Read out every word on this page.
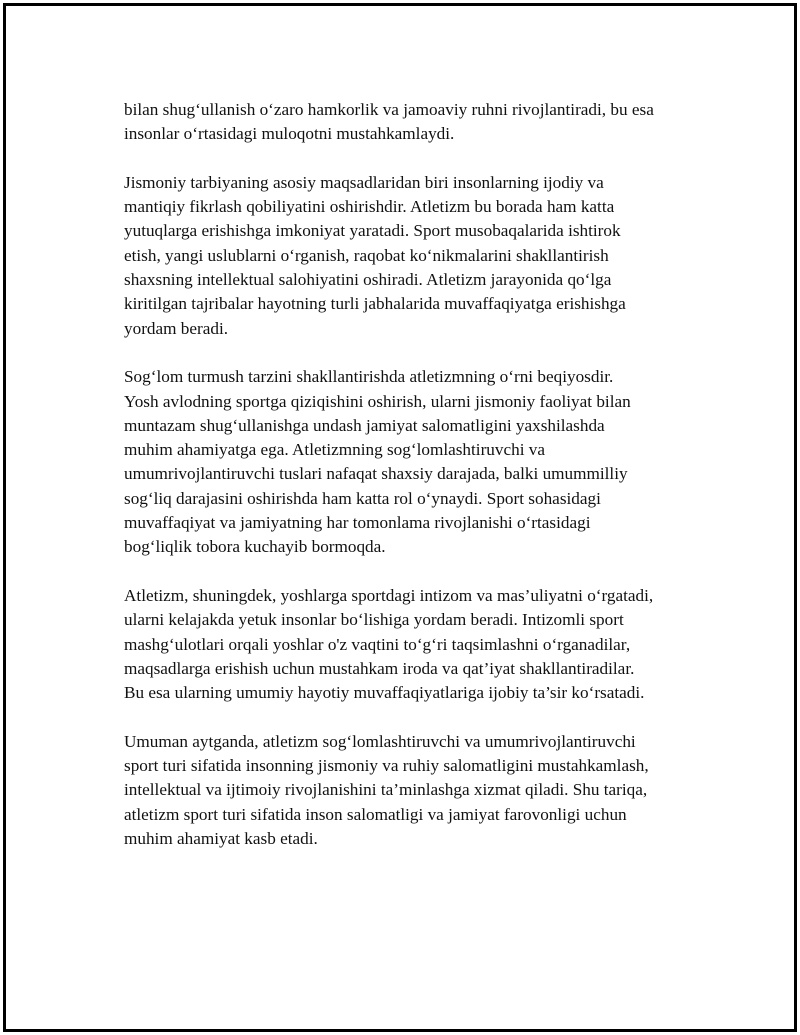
bilan shug‘ullanish o‘zaro hamkorlik va jamoaviy ruhni rivojlantiradi, bu esa
insonlar o‘rtasidagi muloqotni mustahkamlaydi.

Jismoniy tarbiyaning asosiy maqsadlaridan biri insonlarning ijodiy va
mantiqiy fikrlash qobiliyatini oshirishdir. Atletizm bu borada ham katta
yutuqlarga erishishga imkoniyat yaratadi. Sport musobaqalarida ishtirok
etish, yangi uslublarni o‘rganish, raqobat ko‘nikmalarini shakllantirish
shaxsning intellektual salohiyatini oshiradi. Atletizm jarayonida qo‘lga
kiritilgan tajribalar hayotning turli jabhalarida muvaffaqiyatga erishishga
yordam beradi.

Sog‘lom turmush tarzini shakllantirishda atletizmning o‘rni beqiyosdir.
Yosh avlodning sportga qiziqishini oshirish, ularni jismoniy faoliyat bilan
muntazam shug‘ullanishga undash jamiyat salomatligini yaxshilashda
muhim ahamiyatga ega. Atletizmning sog‘lomlashtiruvchi va
umumrivojlantiruvchi tuslari nafaqat shaxsiy darajada, balki umummilliy
sog‘liq darajasini oshirishda ham katta rol o‘ynaydi. Sport sohasidagi
muvaffaqiyat va jamiyatning har tomonlama rivojlanishi o‘rtasidagi
bog‘liqlik tobora kuchayib bormoqda.

Atletizm, shuningdek, yoshlarga sportdagi intizom va mas’uliyatni o‘rgatadi,
ularni kelajakda yetuk insonlar bo‘lishiga yordam beradi. Intizomli sport
mashg‘ulotlari orqali yoshlar o'z vaqtini to‘g‘ri taqsimlashni o‘rganadilar,
maqsadlarga erishish uchun mustahkam iroda va qat’iyat shakllantiradilar.
Bu esa ularning umumiy hayotiy muvaffaqiyatlariga ijobiy ta’sir ko‘rsatadi.

Umuman aytganda, atletizm sog‘lomlashtiruvchi va umumrivojlantiruvchi
sport turi sifatida insonning jismoniy va ruhiy salomatligini mustahkamlash,
intellektual va ijtimoiy rivojlanishini ta’minlashga xizmat qiladi. Shu tariqa,
atletizm sport turi sifatida inson salomatligi va jamiyat farovonligi uchun
muhim ahamiyat kasb etadi.
